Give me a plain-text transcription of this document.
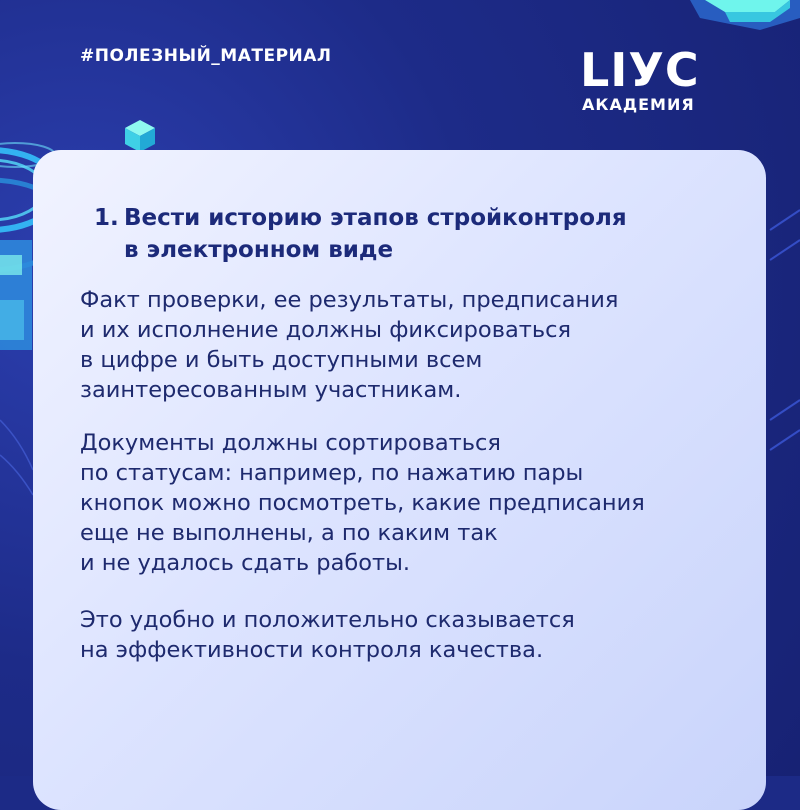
#ПОЛЕЗНЫЙ_МАТЕРИАЛ	LIУС
АКАДЕМИЯ
1. Вести историю этапов стройконтроля
в электронном виде
Факт проверки, ее результаты, предписания
и их исполнение должны фиксироваться
в цифре и быть доступными всем
заинтересованным участникам.
Документы должны сортироваться
по статусам: например, по нажатию пары
кнопок можно посмотреть, какие предписания
еще не выполнены, а по каким так
и не удалось сдать работы.
Это удобно и положительно сказывается
на эффективности контроля качества.
